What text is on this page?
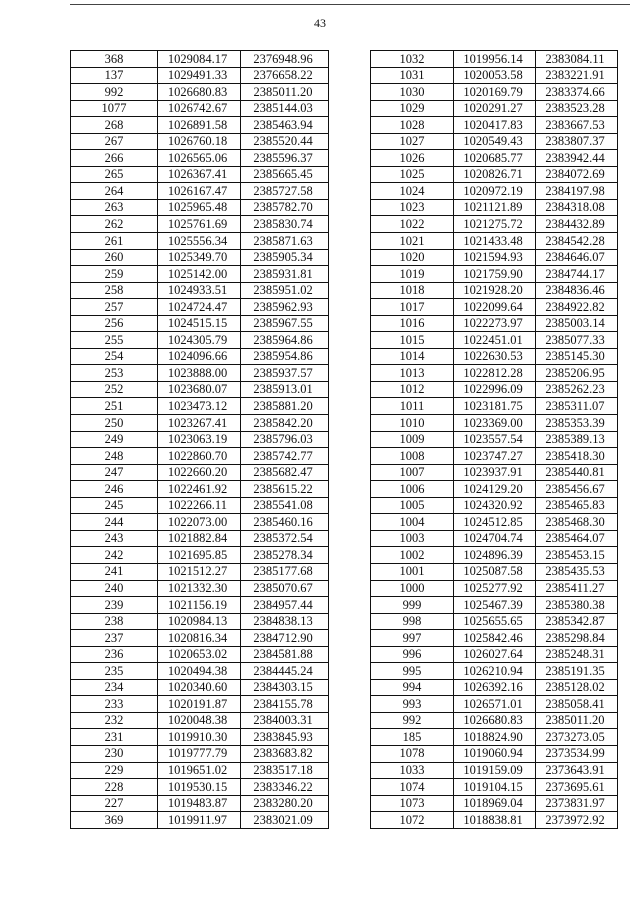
43
368	1029084.17	2376948.96
137	1029491.33	2376658.22
992	1026680.83	2385011.20
1077	1026742.67	2385144.03
268	1026891.58	2385463.94
267	1026760.18	2385520.44
266	1026565.06	2385596.37
265	1026367.41	2385665.45
264	1026167.47	2385727.58
263	1025965.48	2385782.70
262	1025761.69	2385830.74
261	1025556.34	2385871.63
260	1025349.70	2385905.34
259	1025142.00	2385931.81
258	1024933.51	2385951.02
257	1024724.47	2385962.93
256	1024515.15	2385967.55
255	1024305.79	2385964.86
254	1024096.66	2385954.86
253	1023888.00	2385937.57
252	1023680.07	2385913.01
251	1023473.12	2385881.20
250	1023267.41	2385842.20
249	1023063.19	2385796.03
248	1022860.70	2385742.77
247	1022660.20	2385682.47
246	1022461.92	2385615.22
245	1022266.11	2385541.08
244	1022073.00	2385460.16
243	1021882.84	2385372.54
242	1021695.85	2385278.34
241	1021512.27	2385177.68
240	1021332.30	2385070.67
239	1021156.19	2384957.44
238	1020984.13	2384838.13
237	1020816.34	2384712.90
236	1020653.02	2384581.88
235	1020494.38	2384445.24
234	1020340.60	2384303.15
233	1020191.87	2384155.78
232	1020048.38	2384003.31
231	1019910.30	2383845.93
230	1019777.79	2383683.82
229	1019651.02	2383517.18
228	1019530.15	2383346.22
227	1019483.87	2383280.20
369	1019911.97	2383021.09
1032	1019956.14	2383084.11
1031	1020053.58	2383221.91
1030	1020169.79	2383374.66
1029	1020291.27	2383523.28
1028	1020417.83	2383667.53
1027	1020549.43	2383807.37
1026	1020685.77	2383942.44
1025	1020826.71	2384072.69
1024	1020972.19	2384197.98
1023	1021121.89	2384318.08
1022	1021275.72	2384432.89
1021	1021433.48	2384542.28
1020	1021594.93	2384646.07
1019	1021759.90	2384744.17
1018	1021928.20	2384836.46
1017	1022099.64	2384922.82
1016	1022273.97	2385003.14
1015	1022451.01	2385077.33
1014	1022630.53	2385145.30
1013	1022812.28	2385206.95
1012	1022996.09	2385262.23
1011	1023181.75	2385311.07
1010	1023369.00	2385353.39
1009	1023557.54	2385389.13
1008	1023747.27	2385418.30
1007	1023937.91	2385440.81
1006	1024129.20	2385456.67
1005	1024320.92	2385465.83
1004	1024512.85	2385468.30
1003	1024704.74	2385464.07
1002	1024896.39	2385453.15
1001	1025087.58	2385435.53
1000	1025277.92	2385411.27
999	1025467.39	2385380.38
998	1025655.65	2385342.87
997	1025842.46	2385298.84
996	1026027.64	2385248.31
995	1026210.94	2385191.35
994	1026392.16	2385128.02
993	1026571.01	2385058.41
992	1026680.83	2385011.20
185	1018824.90	2373273.05
1078	1019060.94	2373534.99
1033	1019159.09	2373643.91
1074	1019104.15	2373695.61
1073	1018969.04	2373831.97
1072	1018838.81	2373972.92
